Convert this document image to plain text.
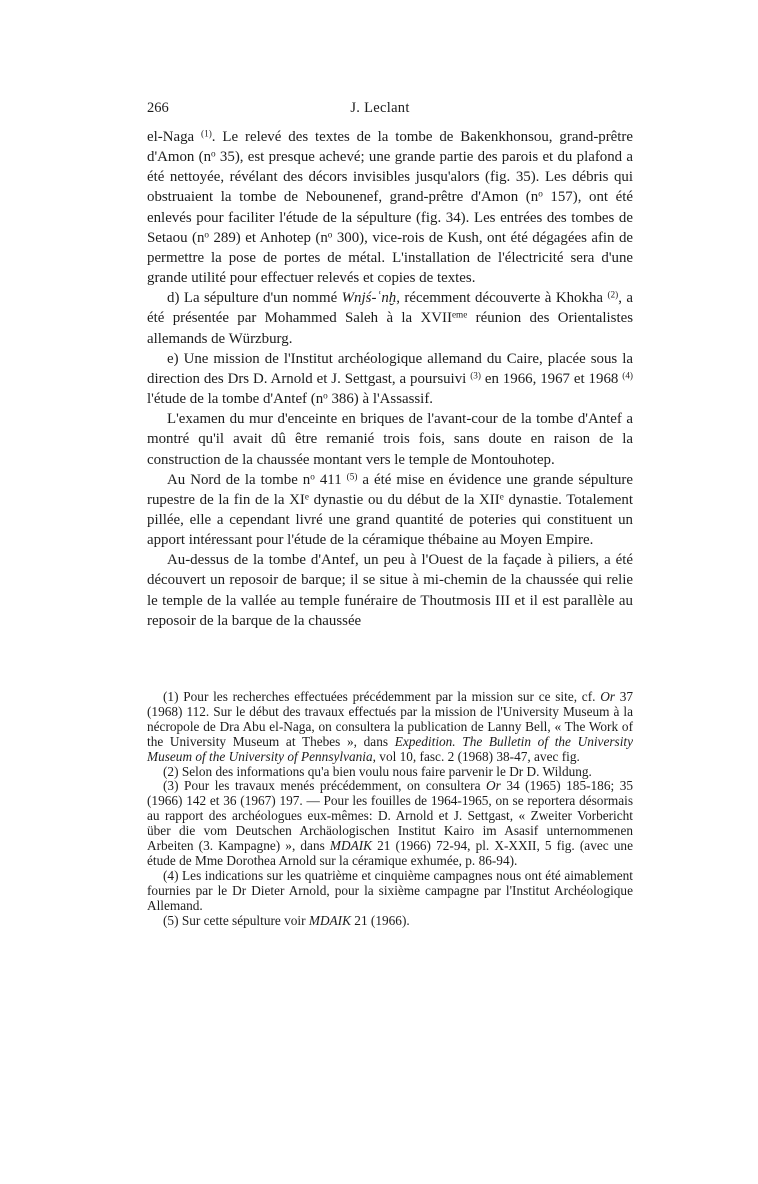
266	J. Leclant

el-Naga $^{(1)}$. Le relevé des textes de la tombe de Bakenkhonsou, grand-prêtre d'Amon ($n^o$ 35), est presque achevé; une grande partie des parois et du plafond a été nettoyée, révélant des décors invisibles jusqu'alors (fig. 35). Les débris qui obstruaient la tombe de Nebounenef, grand-prêtre d'Amon ($n^o$ 157), ont été enlevés pour faciliter l'étude de la sépulture (fig. 34). Les entrées des tombes de Setaou ($n^o$ 289) et Anhotep ($n^o$ 300), vice-rois de Kush, ont été dégagées afin de permettre la pose de portes de métal. L'installation de l'électricité sera d'une grande utilité pour effectuer relevés et copies de textes.

d) La sépulture d'un nommé Wnjś-ʿnḫ, récemment découverte à Khokha $^{(2)}$, a été présentée par Mohammed Saleh à la XVIIeme réunion des Orientalistes allemands de Würzburg.

e) Une mission de l'Institut archéologique allemand du Caire, placée sous la direction des Drs D. Arnold et J. Settgast, a poursuivi $^{(3)}$ en 1966, 1967 et 1968 $^{(4)}$ l'étude de la tombe d'Antef ($n^o$ 386) à l'Assassif.

L'examen du mur d'enceinte en briques de l'avant-cour de la tombe d'Antef a montré qu'il avait dû être remanié trois fois, sans doute en raison de la construction de la chaussée montant vers le temple de Montouhotep.

Au Nord de la tombe $n^o$ 411 $^{(5)}$ a été mise en évidence une grande sépulture rupestre de la fin de la XIe dynastie ou du début de la XIIe dynastie. Totalement pillée, elle a cependant livré une grand quantité de poteries qui constituent un apport intéressant pour l'étude de la céramique thébaine au Moyen Empire.

Au-dessus de la tombe d'Antef, un peu à l'Ouest de la façade à piliers, a été découvert un reposoir de barque; il se situe à mi-chemin de la chaussée qui relie le temple de la vallée au temple funéraire de Thoutmosis III et il est parallèle au reposoir de la barque de la chaussée

(1) Pour les recherches effectuées précédemment par la mission sur ce site, cf. Or 37 (1968) 112. Sur le début des travaux effectués par la mission de l'University Museum à la nécropole de Dra Abu el-Naga, on consultera la publication de Lanny Bell, « The Work of the University Museum at Thebes », dans Expedition. The Bulletin of the University Museum of the University of Pennsylvania, vol 10, fasc. 2 (1968) 38-47, avec fig.

(2) Selon des informations qu'a bien voulu nous faire parvenir le Dr D. Wildung.

(3) Pour les travaux menés précédemment, on consultera Or 34 (1965) 185-186; 35 (1966) 142 et 36 (1967) 197. — Pour les fouilles de 1964-1965, on se reportera désormais au rapport des archéologues eux-mêmes: D. Arnold et J. Settgast, « Zweiter Vorbericht über die vom Deutschen Archäologischen Institut Kairo im Asasif unternommenen Arbeiten (3. Kampagne) », dans MDAIK 21 (1966) 72-94, pl. X-XXII, 5 fig. (avec une étude de Mme Dorothea Arnold sur la céramique exhumée, p. 86-94).

(4) Les indications sur les quatrième et cinquième campagnes nous ont été aimablement fournies par le Dr Dieter Arnold, pour la sixième campagne par l'Institut Archéologique Allemand.

(5) Sur cette sépulture voir MDAIK 21 (1966).
